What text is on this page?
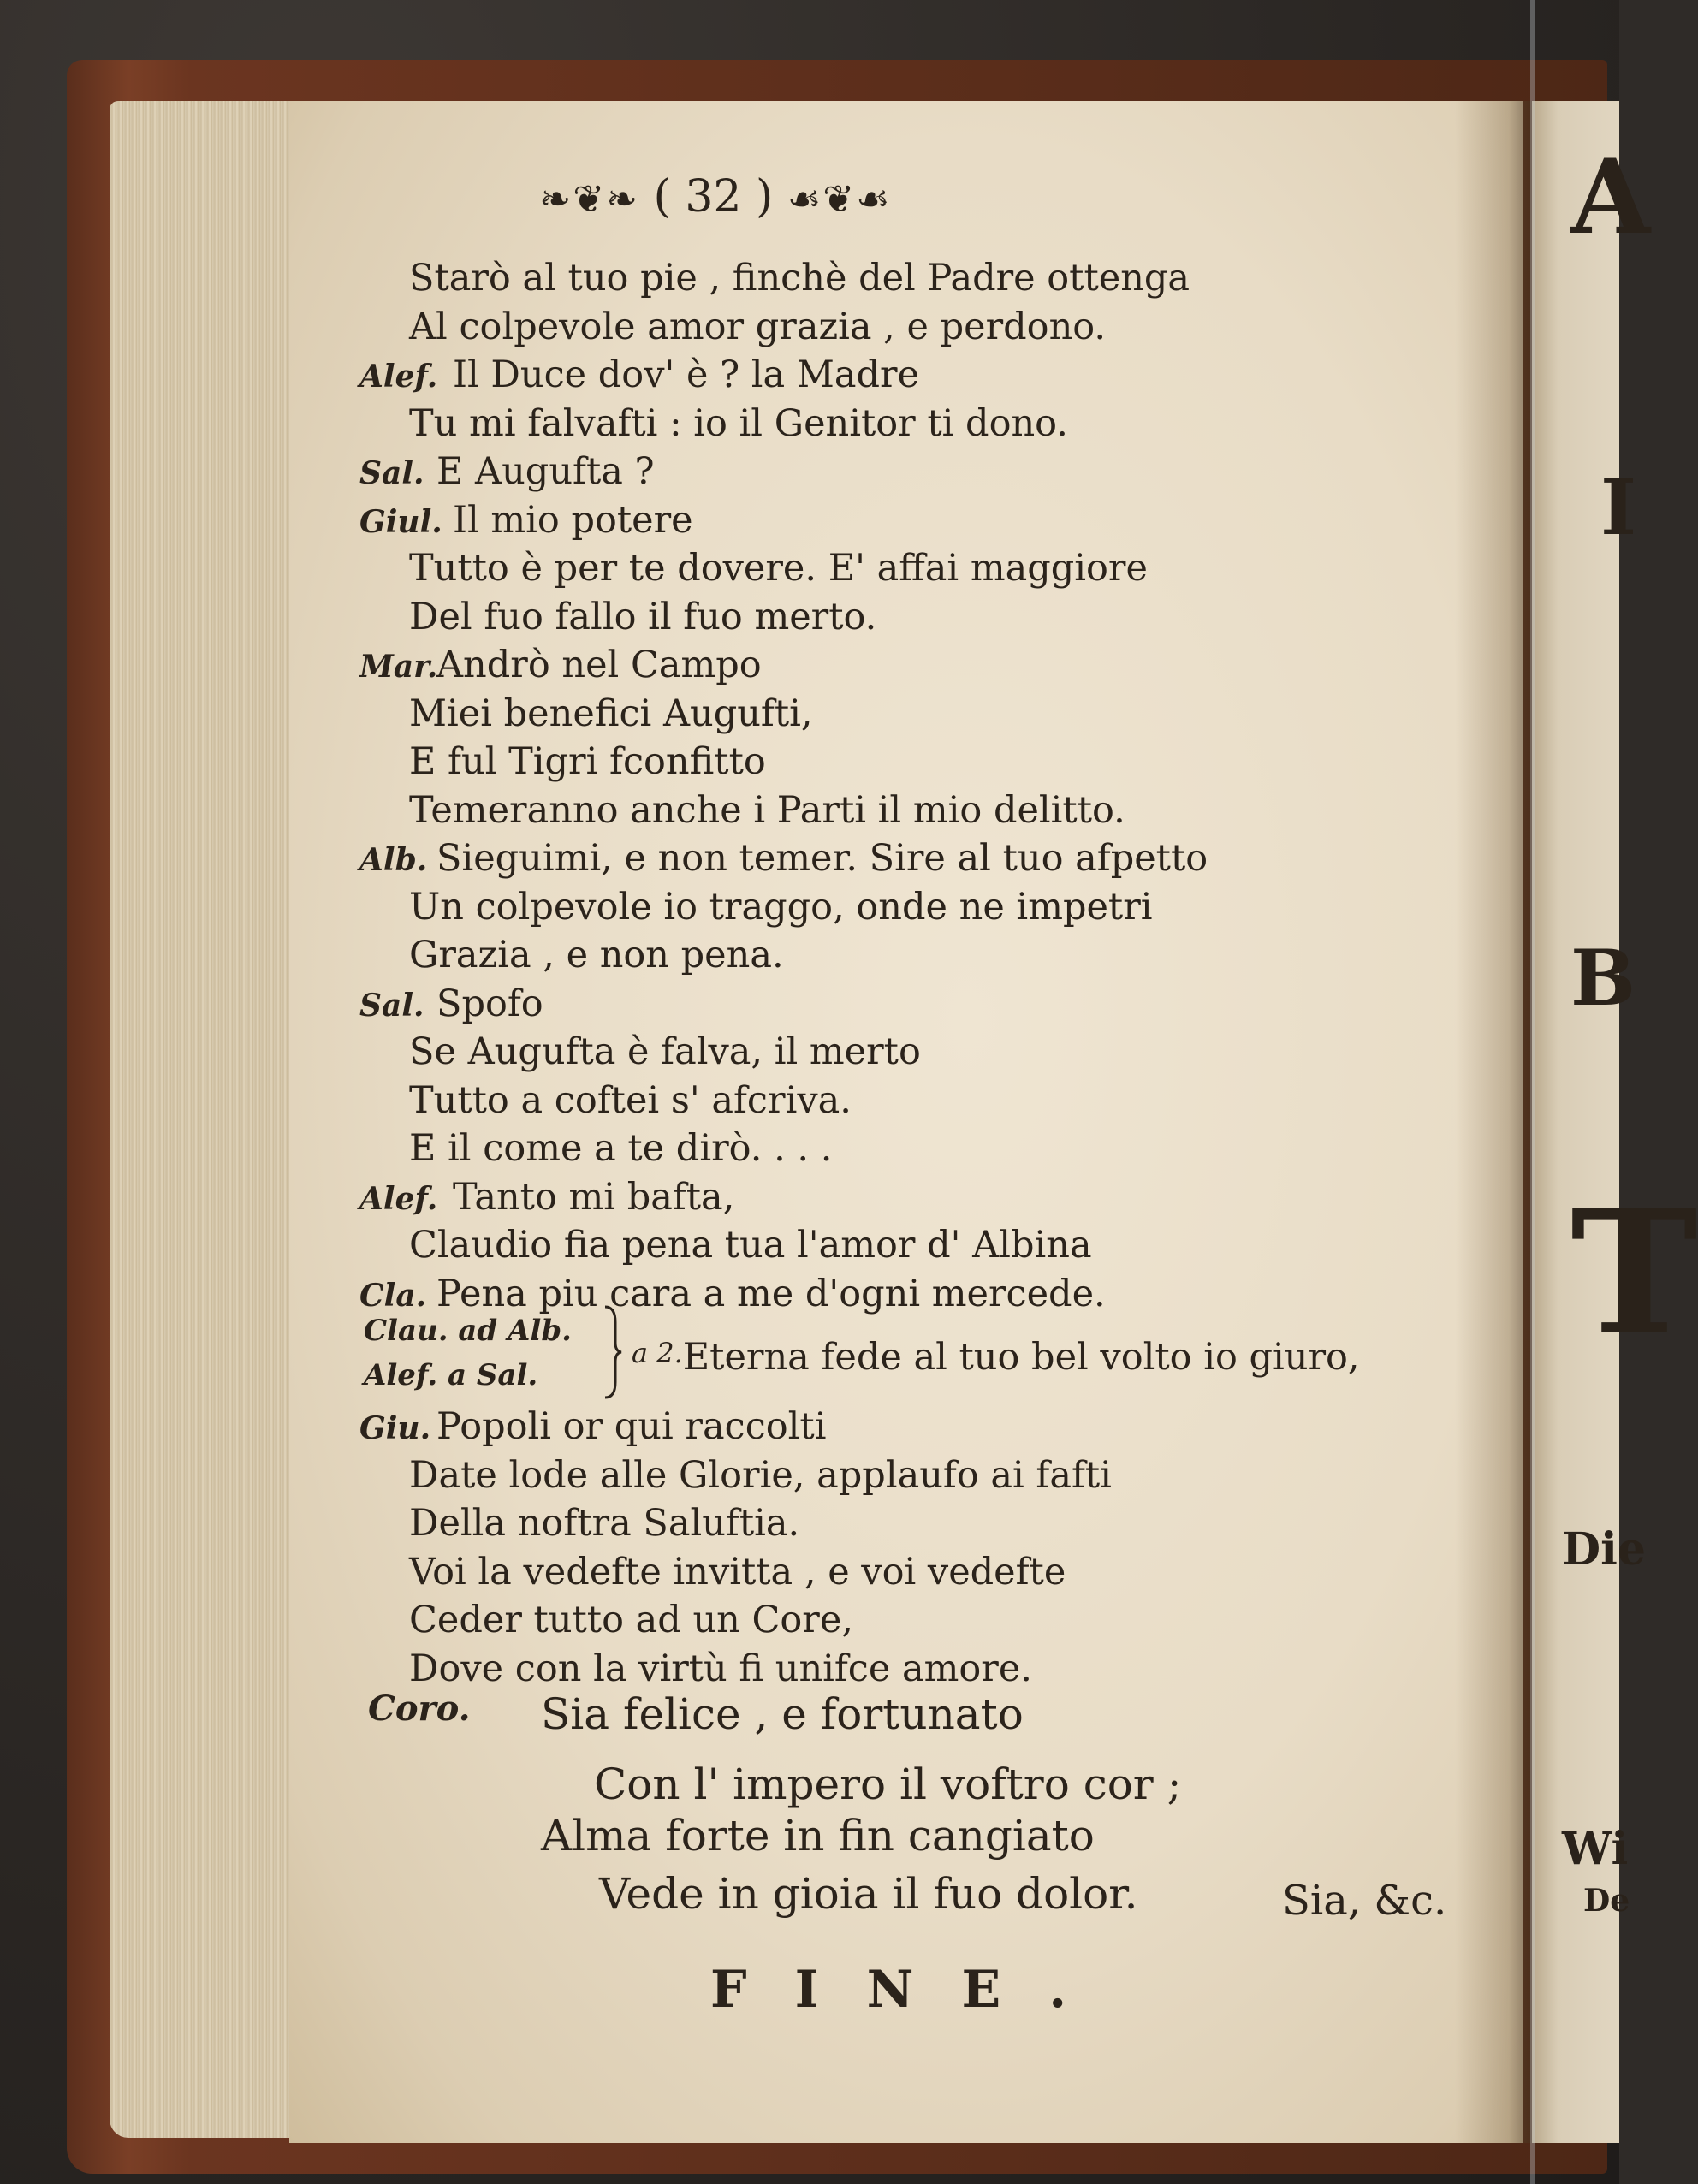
A
I
B
T
Die
Wi
De
❧❦❧ ( 32 ) ☙❦☙
Starò al tuo pie , finchè del Padre ottenga
Al colpevole amor grazia , e perdono.
Alef. Il Duce dov' è ? la Madre
Tu mi falvafti : io il Genitor ti dono.
Sal. E Augufta ?
Giul. Il mio potere
Tutto è per te dovere. E' affai maggiore
Del fuo fallo il fuo merto.
Mar.
Andrò nel Campo
Miei benefici Augufti,
E ful Tigri fconfitto
Temeranno anche i Parti il mio delitto.
Alb. Sieguimi, e non temer. Sire al tuo afpetto
Un colpevole io traggo, onde ne impetri
Grazia , e non pena.
Sal. Spofo
Se Augufta è falva, il merto
Tutto a coftei s' afcriva.
E il come a te dirò. . . .
Alef. Tanto mi bafta,
Claudio fia pena tua l'amor d' Albina
Cla. Pena piu cara a me d'ogni mercede.
Giu. Popoli or qui raccolti
Date lode alle Glorie, applaufo ai fafti
Della noftra Saluftia.
Voi la vedefte invitta , e voi vedefte
Ceder tutto ad un Core,
Dove con la virtù fi unifce amore.
Clau. ad Alb.
Alef. a Sal.
a 2.Eterna fede al tuo bel volto io giuro,
Coro. Sia felice , e fortunato
Con l' impero il voftro cor ;
Alma forte in fin cangiato
Vede in gioia il fuo dolor.	Sia, &c.
FINE.
